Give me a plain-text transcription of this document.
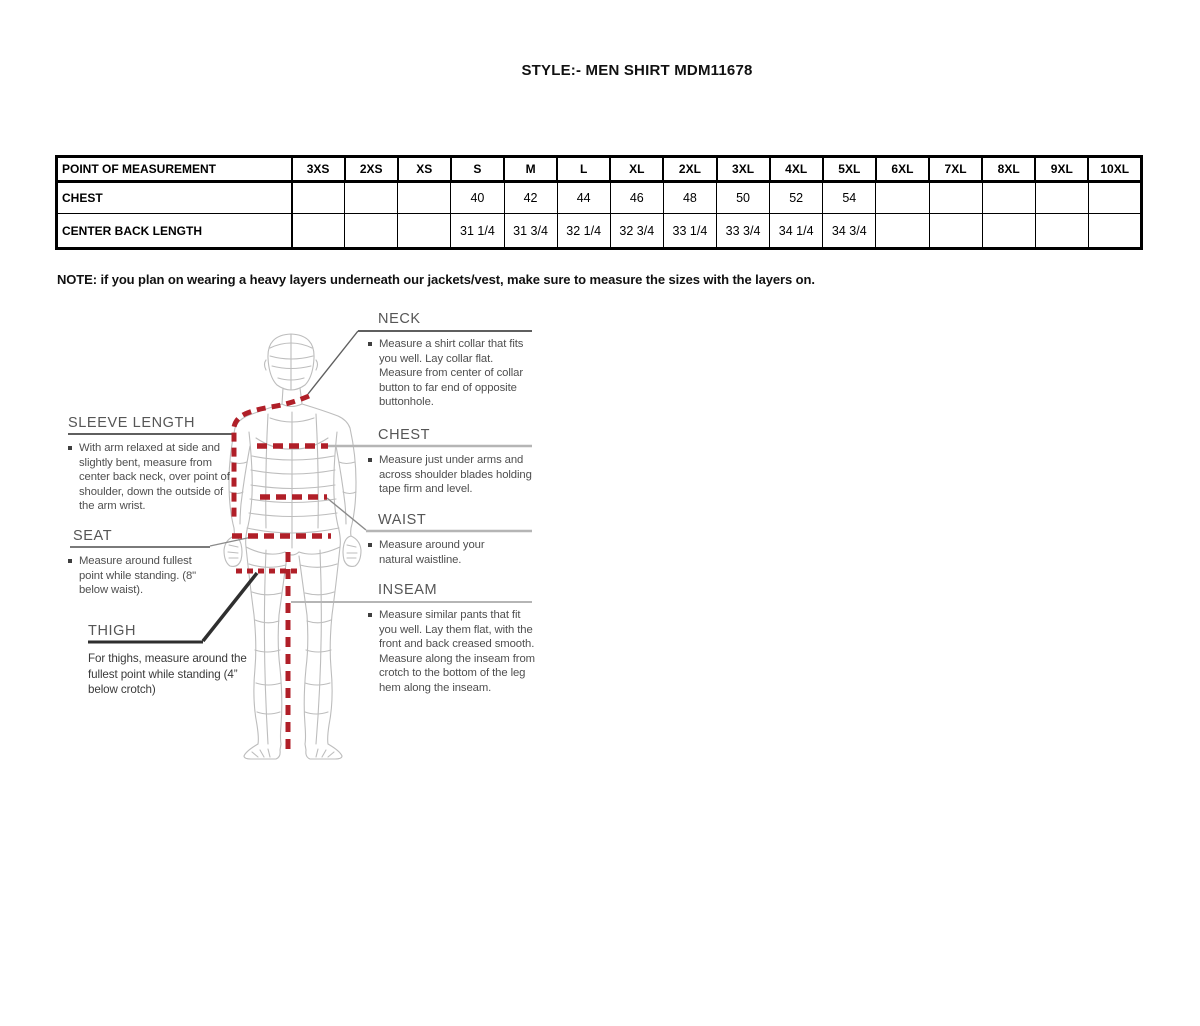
STYLE:- MEN SHIRT MDM11678
POINT OF MEASUREMENT	3XS	2XS	XS	S	M	L	XL	2XL	3XL	4XL	5XL	6XL	7XL	8XL	9XL	10XL
CHEST				40	42	44	46	48	50	52	54					
CENTER BACK LENGTH				31 1/4	31 3/4	32 1/4	32 3/4	33 1/4	33 3/4	34 1/4	34 3/4					
NOTE: if you plan on wearing a heavy layers underneath our jackets/vest, make sure to measure the sizes with the layers on.
NECK
Measure a shirt collar that fits you well. Lay collar flat. Measure from center of collar button to far end of opposite buttonhole.
SLEEVE LENGTH
With arm relaxed at side and slightly bent, measure from center back neck, over point of shoulder, down the outside of the arm wrist.
CHEST
Measure just under arms and across shoulder blades holding tape firm and level.
WAIST
Measure around your natural waistline.
SEAT
Measure around fullest point while standing. (8" below waist).
THIGH
For thighs, measure around the fullest point while standing (4” below crotch)
INSEAM
Measure similar pants that fit you well. Lay them flat, with the front and back creased smooth. Measure along the inseam from crotch to the bottom of the leg hem along the inseam.
